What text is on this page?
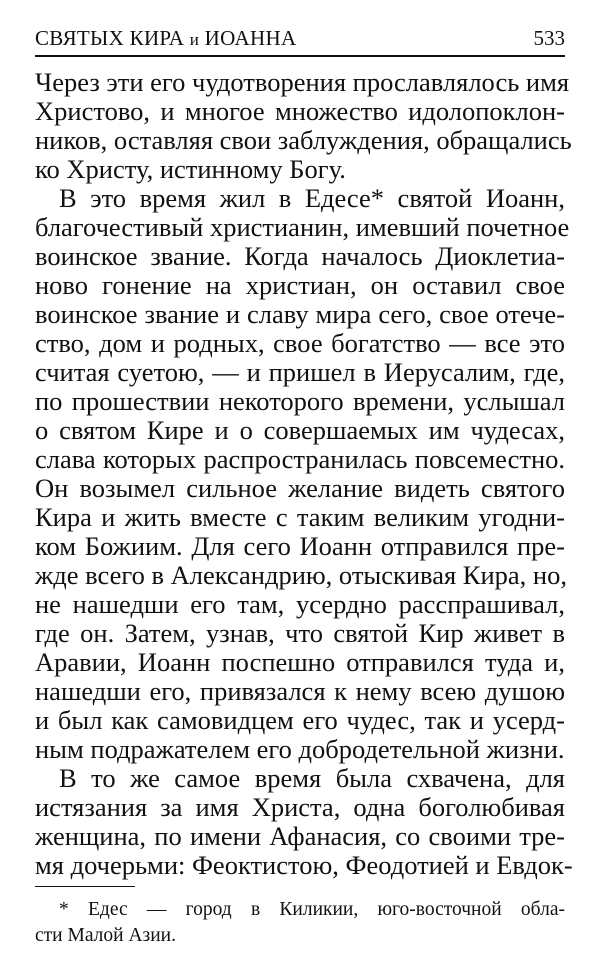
СВЯТЫХ КИРА и ИОАННА	533
Через эти его чудотворения прославлялось имя
Христово, и многое множество идолопоклон-
ников, оставляя свои заблуждения, обращались
ко Христу, истинному Богу.
В это время жил в Едесе* святой Иоанн,
благочестивый христианин, имевший почетное
воинское звание. Когда началось Диоклетиа-
ново гонение на христиан, он оставил свое
воинское звание и славу мира сего, свое отече-
ство, дом и родных, свое богатство — все это
считая суетою, — и пришел в Иерусалим, где,
по прошествии некоторого времени, услышал
о святом Кире и о совершаемых им чудесах,
слава которых распространилась повсеместно.
Он возымел сильное желание видеть святого
Кира и жить вместе с таким великим угодни-
ком Божиим. Для сего Иоанн отправился пре-
жде всего в Александрию, отыскивая Кира, но,
не нашедши его там, усердно расспрашивал,
где он. Затем, узнав, что святой Кир живет в
Аравии, Иоанн поспешно отправился туда и,
нашедши его, привязался к нему всею душою
и был как самовидцем его чудес, так и усерд-
ным подражателем его добродетельной жизни.
В то же самое время была схвачена, для
истязания за имя Христа, одна боголюбивая
женщина, по имени Афанасия, со своими тре-
мя дочерьми: Феоктистою, Феодотией и Евдок-
* Едес — город в Киликии, юго-восточной обла-
сти Малой Азии.
